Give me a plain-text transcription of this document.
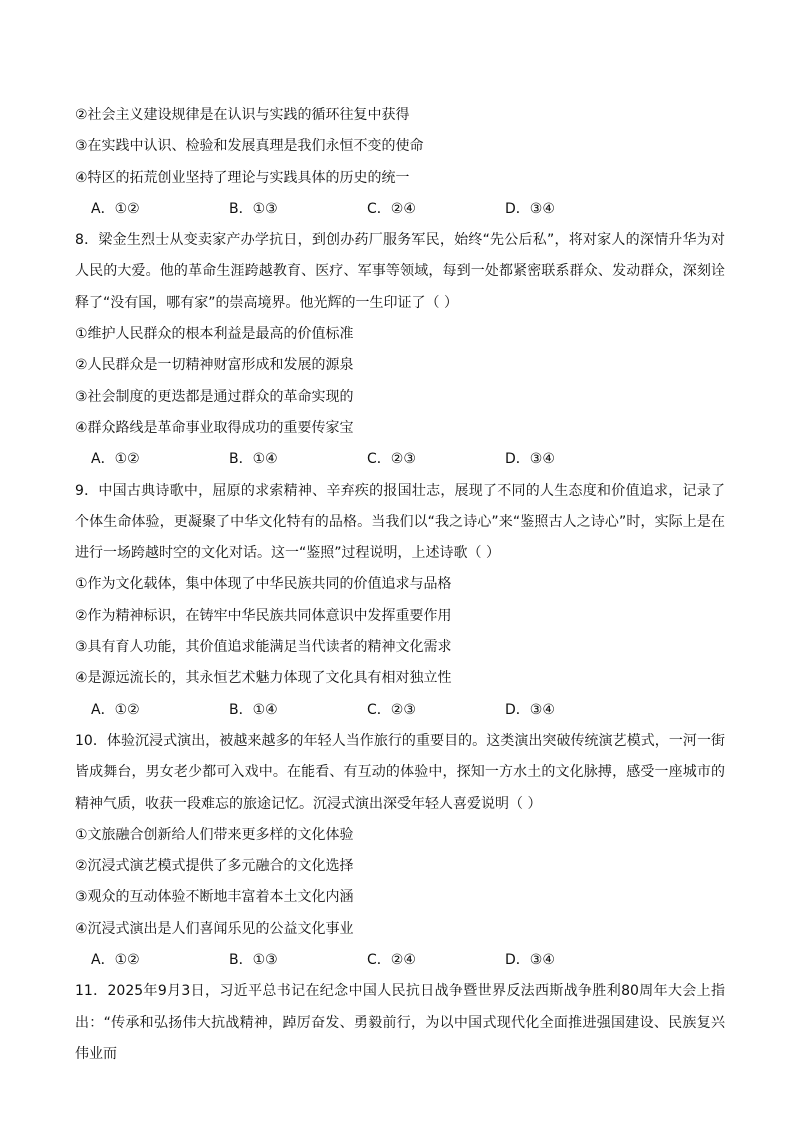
②社会主义建设规律是在认识与实践的循环往复中获得
③在实践中认识、检验和发展真理是我们永恒不变的使命
④特区的拓荒创业坚持了理论与实践具体的历史的统一
A．①②	B．①③	C．②④	D．③④
8．梁金生烈士从变卖家产办学抗日，到创办药厂服务军民，始终“先公后私”，将对家人的深情升华为对人民的大爱。他的革命生涯跨越教育、医疗、军事等领域，每到一处都紧密联系群众、发动群众，深刻诠释了“没有国，哪有家”的崇高境界。他光辉的一生印证了（ ）
①维护人民群众的根本利益是最高的价值标准
②人民群众是一切精神财富形成和发展的源泉
③社会制度的更迭都是通过群众的革命实现的
④群众路线是革命事业取得成功的重要传家宝
A．①②	B．①④	C．②③	D．③④
9．中国古典诗歌中，屈原的求索精神、辛弃疾的报国壮志，展现了不同的人生态度和价值追求，记录了个体生命体验，更凝聚了中华文化特有的品格。当我们以“我之诗心”来“鉴照古人之诗心”时，实际上是在进行一场跨越时空的文化对话。这一“鉴照”过程说明，上述诗歌（ ）
①作为文化载体，集中体现了中华民族共同的价值追求与品格
②作为精神标识，在铸牢中华民族共同体意识中发挥重要作用
③具有育人功能，其价值追求能满足当代读者的精神文化需求
④是源远流长的，其永恒艺术魅力体现了文化具有相对独立性
A．①②	B．①④	C．②③	D．③④
10．体验沉浸式演出，被越来越多的年轻人当作旅行的重要目的。这类演出突破传统演艺模式，一河一街皆成舞台，男女老少都可入戏中。在能看、有互动的体验中，探知一方水土的文化脉搏，感受一座城市的精神气质，收获一段难忘的旅途记忆。沉浸式演出深受年轻人喜爱说明（ ）
①文旅融合创新给人们带来更多样的文化体验
②沉浸式演艺模式提供了多元融合的文化选择
③观众的互动体验不断地丰富着本土文化内涵
④沉浸式演出是人们喜闻乐见的公益文化事业
A．①②	B．①③	C．②④	D．③④
11．2025年9月3日，习近平总书记在纪念中国人民抗日战争暨世界反法西斯战争胜利80周年大会上指出：“传承和弘扬伟大抗战精神，踔厉奋发、勇毅前行，为以中国式现代化全面推进强国建设、民族复兴伟业而
